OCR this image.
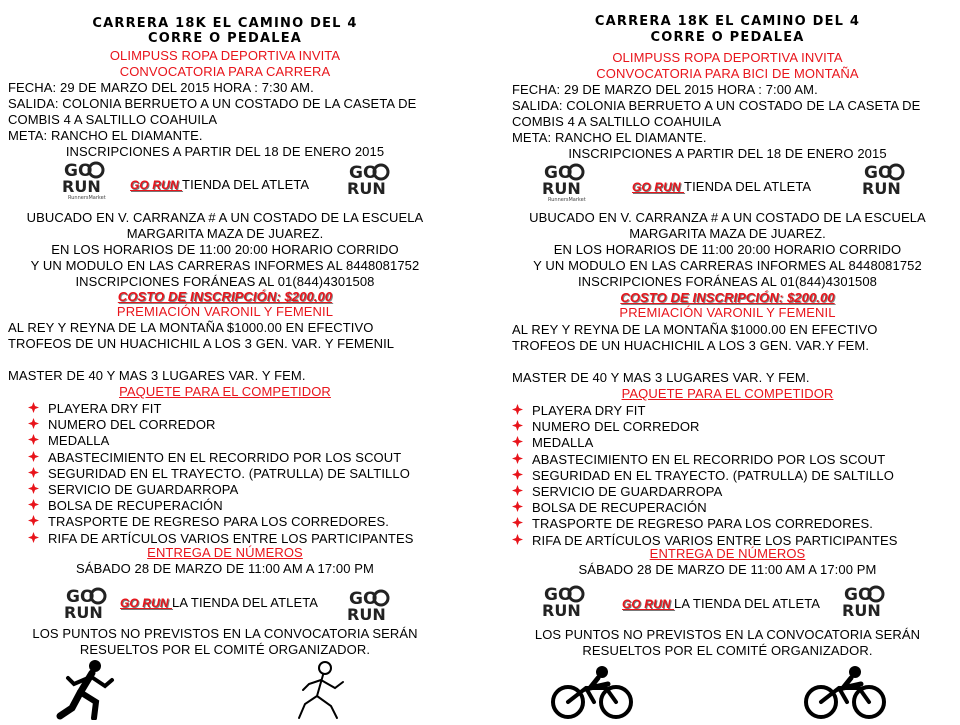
CARRERA 18K EL CAMINO DEL 4
CORRE O PEDALEA
OLIMPUSS ROPA DEPORTIVA INVITA
CONVOCATORIA PARA CARRERA
FECHA: 29 DE MARZO DEL 2015 HORA : 7:30 AM.
SALIDA: COLONIA BERRUETO A UN COSTADO DE LA CASETA DE
COMBIS 4 A SALTILLO COAHUILA
META: RANCHO EL DIAMANTE.
INSCRIPCIONES A PARTIR DEL 18 DE ENERO 2015
GO
RUN
RunnersMarket
GO RUN TIENDA DEL ATLETA
GO
RUN
UBUCADO EN V. CARRANZA # A UN COSTADO DE LA ESCUELA
MARGARITA MAZA DE JUAREZ.
EN LOS HORARIOS DE 11:00 20:00 HORARIO CORRIDO
Y UN MODULO EN LAS CARRERAS INFORMES AL 8448081752
INSCRIPCIONES FORÁNEAS AL 01(844)4301508
COSTO DE INSCRIPCIÓN: $200.00
PREMIACIÓN VARONIL Y FEMENIL
AL REY Y REYNA DE LA MONTAÑA $1000.00 EN EFECTIVO
TROFEOS DE UN HUACHICHIL A LOS 3 GEN. VAR. Y FEMENIL
MASTER DE 40 Y MAS 3 LUGARES VAR. Y FEM.
PAQUETE PARA EL COMPETIDOR
PLAYERA DRY FIT
NUMERO DEL CORREDOR
MEDALLA
ABASTECIMIENTO EN EL RECORRIDO POR LOS SCOUT
SEGURIDAD EN EL TRAYECTO. (PATRULLA) DE SALTILLO
SERVICIO DE GUARDARROPA
BOLSA DE RECUPERACIÓN
TRASPORTE DE REGRESO PARA LOS CORREDORES.
RIFA DE ARTÍCULOS VARIOS ENTRE LOS PARTICIPANTES
ENTREGA DE NÚMEROS
SÁBADO 28 DE MARZO DE 11:00 AM A 17:00 PM
GO
RUN GO RUN LA TIENDA DEL ATLETA GO
RUN
LOS PUNTOS NO PREVISTOS EN LA CONVOCATORIA SERÁN
RESUELTOS POR EL COMITÉ ORGANIZADOR.
CARRERA 18K EL CAMINO DEL 4
CORRE O PEDALEA
OLIMPUSS ROPA DEPORTIVA INVITA
CONVOCATORIA PARA BICI DE MONTAÑA
FECHA: 29 DE MARZO DEL 2015 HORA : 7:00 AM.
SALIDA: COLONIA BERRUETO A UN COSTADO DE LA CASETA DE
COMBIS 4 A SALTILLO COAHUILA
META: RANCHO EL DIAMANTE.
INSCRIPCIONES A PARTIR DEL 18 DE ENERO 2015
GO
RUN
RunnersMarket
GO RUN TIENDA DEL ATLETA
GO
RUN
UBUCADO EN V. CARRANZA # A UN COSTADO DE LA ESCUELA
MARGARITA MAZA DE JUAREZ.
EN LOS HORARIOS DE 11:00 20:00 HORARIO CORRIDO
Y UN MODULO EN LAS CARRERAS INFORMES AL 8448081752
INSCRIPCIONES FORÁNEAS AL 01(844)4301508
COSTO DE INSCRIPCIÓN: $200.00
PREMIACIÓN VARONIL Y FEMENIL
AL REY Y REYNA DE LA MONTAÑA $1000.00 EN EFECTIVO
TROFEOS DE UN HUACHICHIL A LOS 3 GEN. VAR.Y FEM.
MASTER DE 40 Y MAS 3 LUGARES VAR. Y FEM.
PAQUETE PARA EL COMPETIDOR
PLAYERA DRY FIT
NUMERO DEL CORREDOR
MEDALLA
ABASTECIMIENTO EN EL RECORRIDO POR LOS SCOUT
SEGURIDAD EN EL TRAYECTO. (PATRULLA) DE SALTILLO
SERVICIO DE GUARDARROPA
BOLSA DE RECUPERACIÓN
TRASPORTE DE REGRESO PARA LOS CORREDORES.
RIFA DE ARTÍCULOS VARIOS ENTRE LOS PARTICIPANTES
ENTREGA DE NÚMEROS
SÁBADO 28 DE MARZO DE 11:00 AM A 17:00 PM
GO
RUN	GO RUN LA TIENDA DEL ATLETA GO
RUN
LOS PUNTOS NO PREVISTOS EN LA CONVOCATORIA SERÁN
RESUELTOS POR EL COMITÉ ORGANIZADOR.
